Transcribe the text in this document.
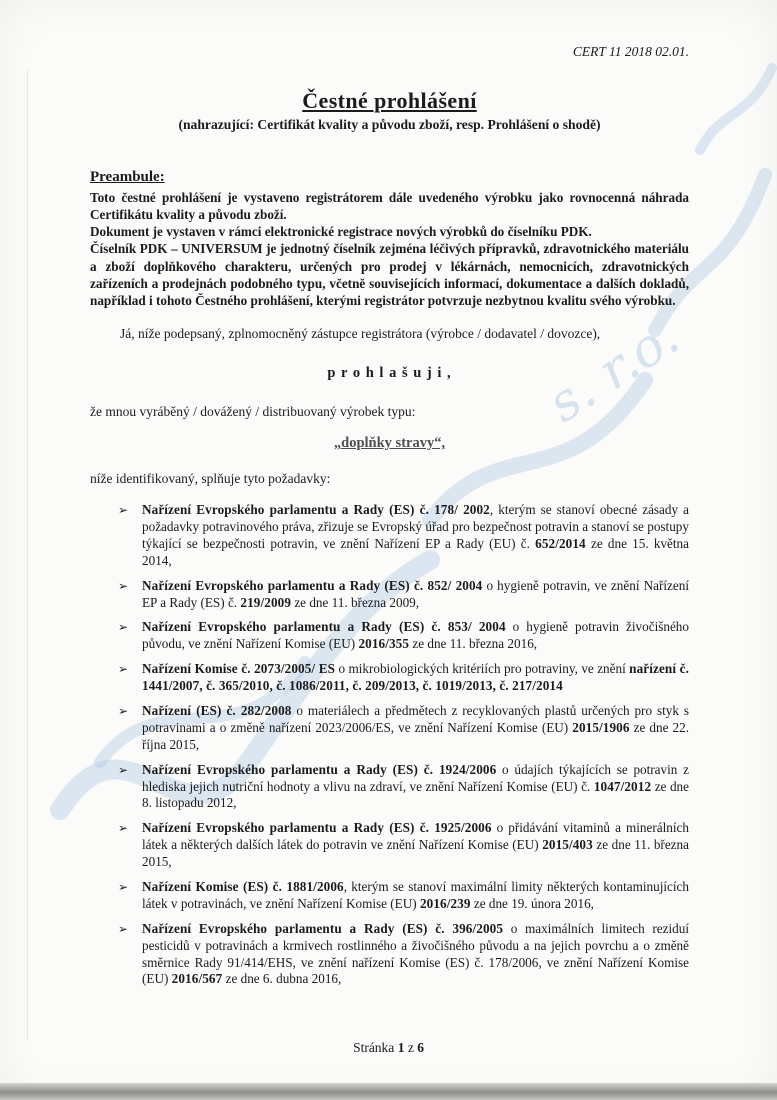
s. r.o.
CERT 11 2018 02.01.
Čestné prohlášení
(nahrazující: Certifikát kvality a původu zboží, resp. Prohlášení o shodě)
Preambule:

Toto čestné prohlášení je vystaveno registrátorem dále uvedeného výrobku jako rovnocenná náhrada Certifikátu kvality a původu zboží.

Dokument je vystaven v rámci elektronické registrace nových výrobků do číselníku PDK.

Číselník PDK – UNIVERSUM je jednotný číselník zejména léčivých přípravků, zdravotnického materiálu a zboží doplňkového charakteru, určených pro prodej v lékárnách, nemocnicích, zdravotnických zařízeních a prodejnách podobného typu, včetně souvisejících informací, dokumentace a dalších dokladů, například i tohoto Čestného prohlášení, kterými registrátor potvrzuje nezbytnou kvalitu svého výrobku.

Já, níže podepsaný, zplnomocněný zástupce registrátora (výrobce / dodavatel / dovozce),

p r o h l a š u j i ,

že mnou vyráběný / dovážený / distribuovaný výrobek typu:

„doplňky stravy“,

níže identifikovaný, splňuje tyto požadavky:

➢ Nařízení Evropského parlamentu a Rady (ES) č. 178/ 2002, kterým se stanoví obecné zásady a požadavky potravinového práva, zřizuje se Evropský úřad pro bezpečnost potravin a stanoví se postupy týkající se bezpečnosti potravin, ve znění Nařízení EP a Rady (EU) č. 652/2014 ze dne 15. května 2014,
➢ Nařízení Evropského parlamentu a Rady (ES) č. 852/ 2004 o hygieně potravin, ve znění Nařízení EP a Rady (ES) č. 219/2009 ze dne 11. března 2009,
➢ Nařízení Evropského parlamentu a Rady (ES) č. 853/ 2004 o hygieně potravin živočišného původu, ve znění Nařízení Komise (EU) 2016/355 ze dne 11. března 2016,
➢ Nařízení Komise č. 2073/2005/ ES o mikrobiologických kritériích pro potraviny, ve znění nařízení č. 1441/2007, č. 365/2010, č. 1086/2011, č. 209/2013, č. 1019/2013, č. 217/2014
➢ Nařízení (ES) č. 282/2008 o materiálech a předmětech z recyklovaných plastů určených pro styk s potravinami a o změně nařízení 2023/2006/ES, ve znění Nařízení Komise (EU) 2015/1906 ze dne 22. října 2015,
➢ Nařízení Evropského parlamentu a Rady (ES) č. 1924/2006 o údajích týkajících se potravin z hlediska jejich nutriční hodnoty a vlivu na zdraví, ve znění Nařízení Komise (EU) č. 1047/2012 ze dne 8. listopadu 2012,
➢ Nařízení Evropského parlamentu a Rady (ES) č. 1925/2006 o přidávání vitaminů a minerálních látek a některých dalších látek do potravin ve znění Nařízení Komise (EU) 2015/403 ze dne 11. března 2015,
➢ Nařízení Komise (ES) č. 1881/2006, kterým se stanoví maximální limity některých kontaminujících látek v potravinách, ve znění Nařízení Komise (EU) 2016/239 ze dne 19. února 2016,
➢ Nařízení Evropského parlamentu a Rady (ES) č. 396/2005 o maximálních limitech reziduí pesticidů v potravinách a krmivech rostlinného a živočišného původu a na jejich povrchu a o změně směrnice Rady 91/414/EHS, ve znění nařízení Komise (ES) č. 178/2006, ve znění Nařízení Komise (EU) 2016/567 ze dne 6. dubna 2016,
Stránka 1 z 6
